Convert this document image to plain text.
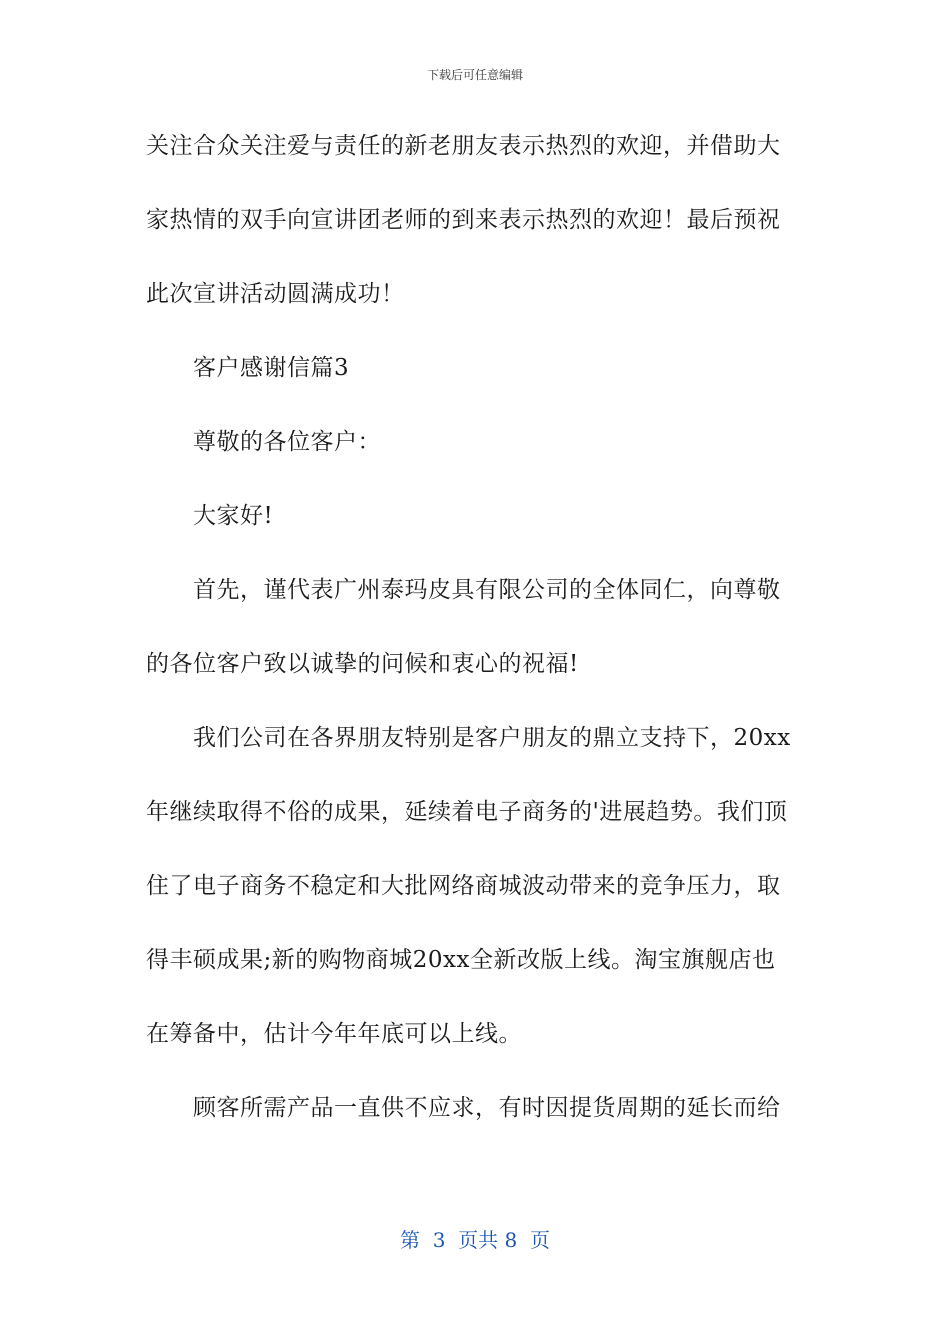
下载后可任意编辑
关注合众关注爱与责任的新老朋友表示热烈的欢迎，并借助大
家热情的双手向宣讲团老师的到来表示热烈的欢迎！最后预祝
此次宣讲活动圆满成功！
客户感谢信篇3
尊敬的各位客户：
大家好!
首先，谨代表广州泰玛皮具有限公司的全体同仁，向尊敬
的各位客户致以诚挚的问候和衷心的祝福!
我们公司在各界朋友特别是客户朋友的鼎立支持下，20xx
年继续取得不俗的成果，延续着电子商务的'进展趋势。我们顶
住了电子商务不稳定和大批网络商城波动带来的竞争压力，取
得丰硕成果;新的购物商城20xx全新改版上线。淘宝旗舰店也
在筹备中，估计今年年底可以上线。
顾客所需产品一直供不应求，有时因提货周期的延长而给
第  3  页共 8  页
